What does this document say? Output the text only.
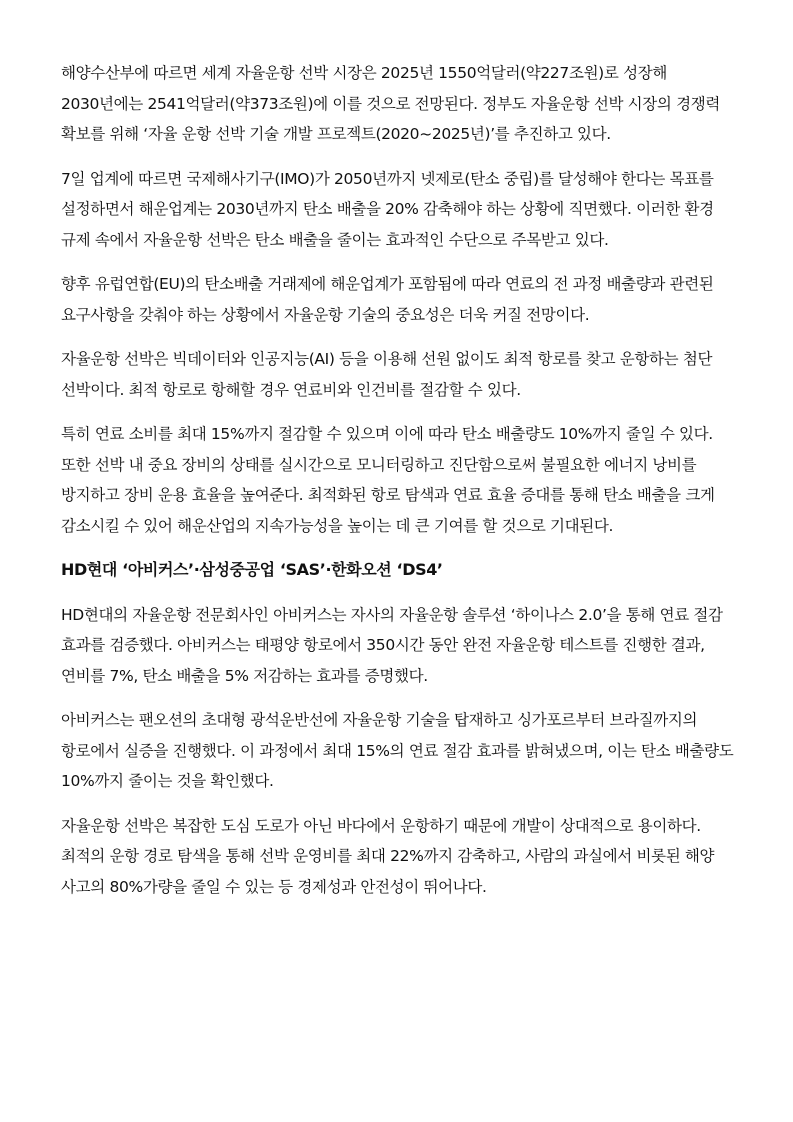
해양수산부에 따르면 세계 자율운항 선박 시장은 2025년 1550억달러(약227조원)로 성장해 2030년에는 2541억달러(약373조원)에 이를 것으로 전망된다. 정부도 자율운항 선박 시장의 경쟁력 확보를 위해 ‘자율 운항 선박 기술 개발 프로젝트(2020~2025년)’를 추진하고 있다.

7일 업계에 따르면 국제해사기구(IMO)가 2050년까지 넷제로(탄소 중립)를 달성해야 한다는 목표를 설정하면서 해운업계는 2030년까지 탄소 배출을 20% 감축해야 하는 상황에 직면했다. 이러한 환경 규제 속에서 자율운항 선박은 탄소 배출을 줄이는 효과적인 수단으로 주목받고 있다.

향후 유럽연합(EU)의 탄소배출 거래제에 해운업계가 포함됨에 따라 연료의 전 과정 배출량과 관련된 요구사항을 갖춰야 하는 상황에서 자율운항 기술의 중요성은 더욱 커질 전망이다.

자율운항 선박은 빅데이터와 인공지능(AI) 등을 이용해 선원 없이도 최적 항로를 찾고 운항하는 첨단 선박이다. 최적 항로로 항해할 경우 연료비와 인건비를 절감할 수 있다.

특히 연료 소비를 최대 15%까지 절감할 수 있으며 이에 따라 탄소 배출량도 10%까지 줄일 수 있다. 또한 선박 내 중요 장비의 상태를 실시간으로 모니터링하고 진단함으로써 불필요한 에너지 낭비를 방지하고 장비 운용 효율을 높여준다. 최적화된 항로 탐색과 연료 효율 증대를 통해 탄소 배출을 크게 감소시킬 수 있어 해운산업의 지속가능성을 높이는 데 큰 기여를 할 것으로 기대된다.

HD현대 ‘아비커스’·삼성중공업 ‘SAS’·한화오션 ‘DS4’

HD현대의 자율운항 전문회사인 아비커스는 자사의 자율운항 솔루션 ‘하이나스 2.0’을 통해 연료 절감 효과를 검증했다. 아비커스는 태평양 항로에서 350시간 동안 완전 자율운항 테스트를 진행한 결과, 연비를 7%, 탄소 배출을 5% 저감하는 효과를 증명했다.

아비커스는 팬오션의 초대형 광석운반선에 자율운항 기술을 탑재하고 싱가포르부터 브라질까지의 항로에서 실증을 진행했다. 이 과정에서 최대 15%의 연료 절감 효과를 밝혀냈으며, 이는 탄소 배출량도 10%까지 줄이는 것을 확인했다.

자율운항 선박은 복잡한 도심 도로가 아닌 바다에서 운항하기 때문에 개발이 상대적으로 용이하다. 최적의 운항 경로 탐색을 통해 선박 운영비를 최대 22%까지 감축하고, 사람의 과실에서 비롯된 해양 사고의 80%가량을 줄일 수 있는 등 경제성과 안전성이 뛰어나다.
